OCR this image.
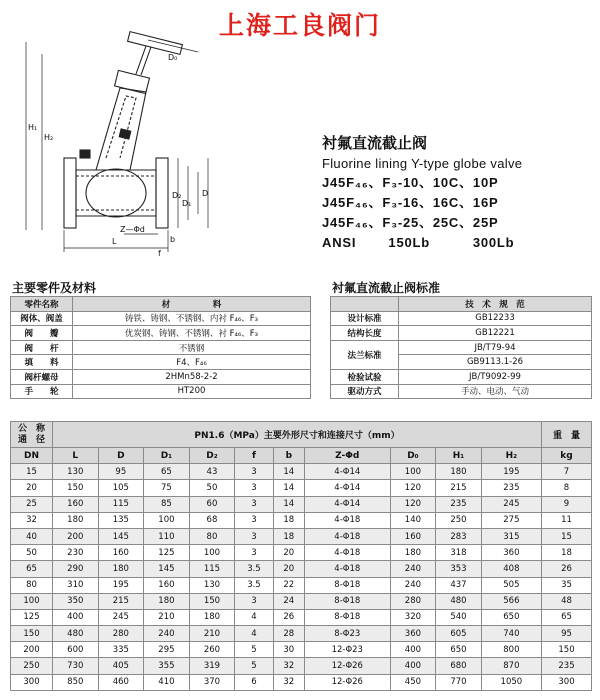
上海工良阀门
D₀
H₁
H₂
D₂
D₁
D
Z—Φd
L	b
f
衬氟直流截止阀
Fluorine lining Y-type globe valve
J45F₄₆、F₃-10、10C、10P
J45F₄₆、F₃-16、16C、16P
J45F₄₆、F₃-25、25C、25P
ANSI 150Lb	300Lb
主要零件及材料	衬氟直流截止阀标准
零件名称	材　　　　　料
阀体、阀盖	铸铁、铸钢、不锈钢、内衬 F₄₆、F₃
阀　　瓣	优炭钢、铸钢、不锈钢、衬 F₄₆、F₃
阀　　杆	不锈钢
填　　料	F4、F₄₆
阀杆螺母	2HMn58-2-2
手　　轮	HT200
	技　术　规　范
设计标准	GB12233
结构长度	GB12221
法兰标准	JB/T79-94
	GB9113.1-26
检验试验	JB/T9092-99
驱动方式	手动、电动、气动
公　称
通　径	PN1.6（MPa）主要外形尺寸和连接尺寸（mm）										重　量
DN	L	D	D₁	D₂	f	b	Z-Φd	D₀	H₁	H₂	kg
15	130	95	65	43	3	14	4-Φ14	100	180	195	7
20	150	105	75	50	3	14	4-Φ14	120	215	235	8
25	160	115	85	60	3	14	4-Φ14	120	235	245	9
32	180	135	100	68	3	18	4-Φ18	140	250	275	11
40	200	145	110	80	3	18	4-Φ18	160	283	315	15
50	230	160	125	100	3	20	4-Φ18	180	318	360	18
65	290	180	145	115	3.5	20	4-Φ18	240	353	408	26
80	310	195	160	130	3.5	22	8-Φ18	240	437	505	35
100	350	215	180	150	3	24	8-Φ18	280	480	566	48
125	400	245	210	180	4	26	8-Φ18	320	540	650	65
150	480	280	240	210	4	28	8-Φ23	360	605	740	95
200	600	335	295	260	5	30	12-Φ23	400	650	800	150
250	730	405	355	319	5	32	12-Φ26	400	680	870	235
300	850	460	410	370	6	32	12-Φ26	450	770	1050	300
